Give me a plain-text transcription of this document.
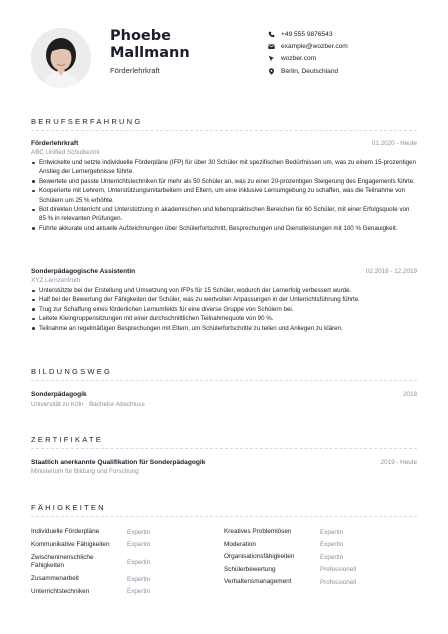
Phoebe
Mallmann
Förderlehrkraft
+49 555 9876543
example@wozber.com
wozber.com
Berlin, Deutschland
BERUFSERFAHRUNG
Förderlehrkraft	01.2020 - Heute
ABC Unified Schulbezirk
Entwickelte und setzte individuelle Förderpläne (IFP) für über 30 Schüler mit spezifischen Bedürfnissen um, was zu einem 15-prozentigen Anstieg der Lernergebnisse führte.
Bewertete und passte Unterrichtstechniken für mehr als 50 Schüler an, was zu einer 20-prozentigen Steigerung des Engagements führte.
Kooperierte mit Lehrern, Unterstützungsmitarbeitern und Eltern, um eine inklusive Lernumgebung zu schaffen, was die Teilnahme von Schülern um 25 % erhöhte.
Bot direkten Unterricht und Unterstützung in akademischen und lebenspraktischen Bereichen für 60 Schüler, mit einer Erfolgsquote von 85 % in relevanten Prüfungen.
Führte akkurate und aktuelle Aufzeichnungen über Schülerfortschritt, Besprechungen und Dienstleistungen mit 100 % Genauigkeit.
Sonderpädagogische Assistentin	02.2018 - 12.2019
XYZ Lernzentrum
Unterstützte bei der Erstellung und Umsetzung von IFPs für 15 Schüler, wodurch der Lernerfolg verbessert wurde.
Half bei der Bewertung der Fähigkeiten der Schüler, was zu wertvollen Anpassungen in der Unterrichtsführung führte.
Trug zur Schaffung eines förderlichen Lernumfelds für eine diverse Gruppe von Schülern bei.
Leitete Kleingruppensitzungen mit einer durchschnittlichen Teilnahmequote von 90 %.
Teilnahme an regelmäßigen Besprechungen mit Eltern, um Schülerfortschritte zu teilen und Anliegen zu klären.
BILDUNGSWEG
Sonderpädagogik	2018
Universität zu Köln · Bachelor-Abschluss
ZERTIFIKATE
Staatlich anerkannte Qualifikation für Sonderpädagogik	2019 - Heute
Ministerium für Bildung und Forschung
FÄHIGKEITEN
Individuelle Förderpläne	Expertin
Kommunikative Fähigkeiten	Expertin
Zwischenmenschliche Fähigkeiten	Expertin
Zusammenarbeit	Expertin
Unterrichtstechniken	Expertin
Kreatives Problemlösen	Expertin
Moderation	Expertin
Organisationsfähigkeiten	Expertin
Schülerbewertung	Professionell
Verhaltensmanagement	Professionell
